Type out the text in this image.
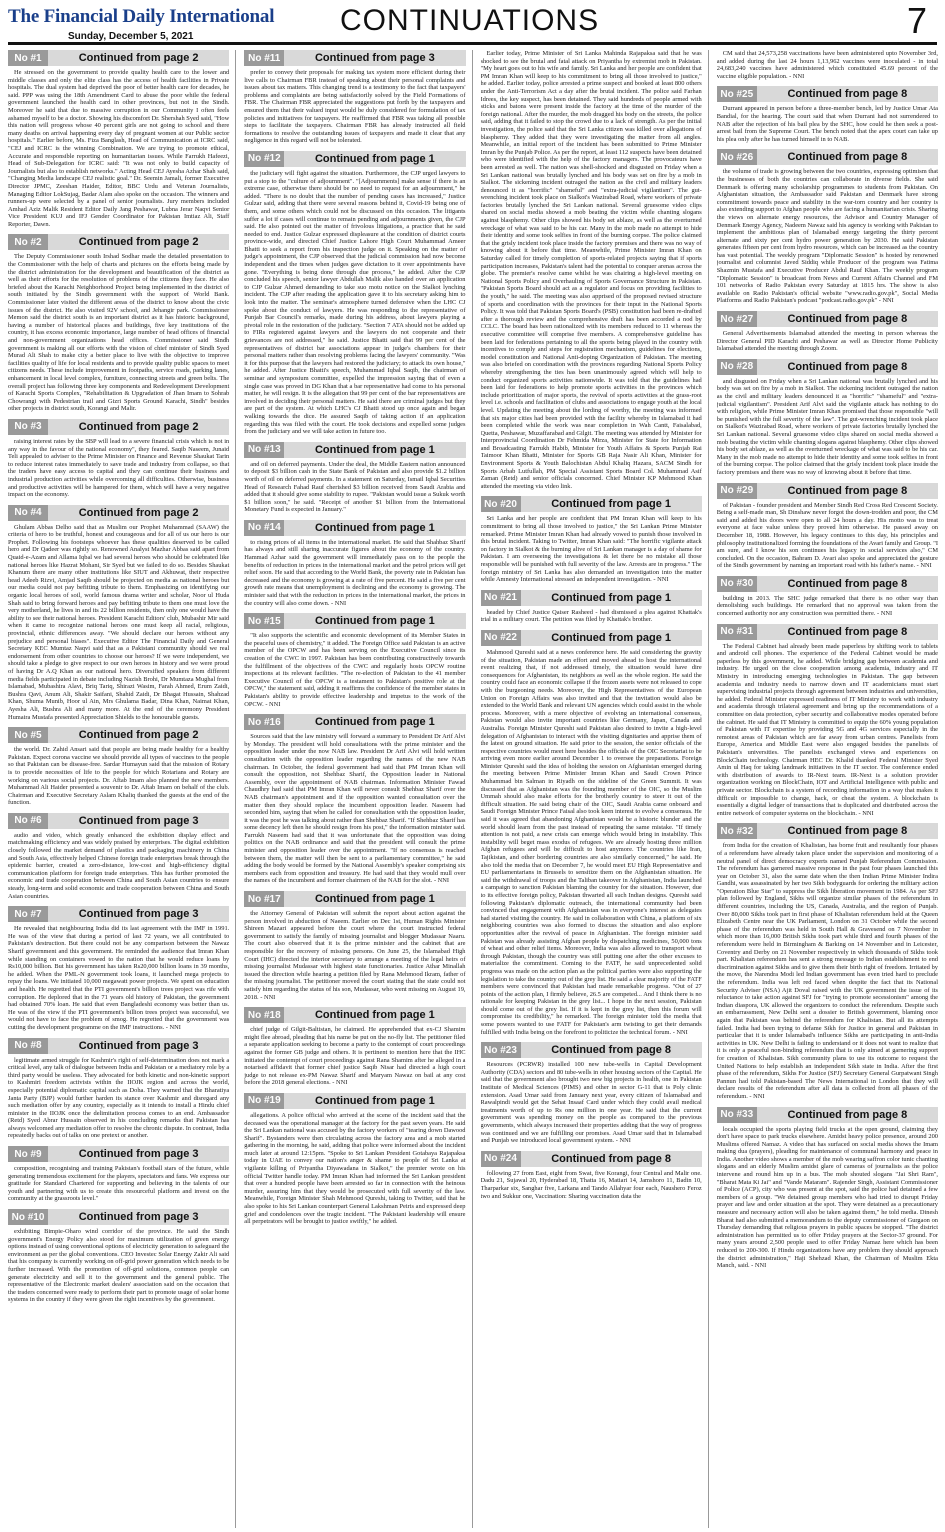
The Financial Daily International
Sunday, December 5, 2021	CONTINUATIONS	7
No #1	Continued from page 2

He stressed on the government to provide quality health care to the lower and middle classes and only the elite class has the access of health facilities in Private hospitals. The dual system had deprived the poor of better health care for decades, he said. PPP was using the 18th Amendment Card to abuse the poor while the federal government launched the health card in other provinces, but not in the Sindh. Moreover he said that due to massive corruption in our Community I often feels ashamed myself to be a doctor. Showing his discomfort Dr. Shershah Syed said, "How this nation will progress whose 40 percent girls are not going to school and there many deaths on arrival happening every day of pregnant women at our Public sector hospitals." Earlier before, Ms. Fiza Banglash, Head of Communication at ICRC said, "CEJ and ICRC is the winning Combination. We are trying to promote ethical, Accurate and responsible reporting on humanitarian issues. While Farrukh Hafeezi, Head of Sub-Delegation for ICRC said: "It was not only to build capacity of Journalists but also to establish networks." Acting Head CEJ Ayesha Azhar Shah said, "Changing Media landscape CEJ realistic goal." Dr. Seemin Jamali, former Executive Director JPMC, Zeeshan Haider, Editor, BBC Urdu and Veteran Journalists, Managing Editor LokSujag, Badar Alam also spoke on the occasion. The winners and runners-up were selected by a panel of senior journalists. Jury members included Amhad Aziz Malik Resident Editor Daily Jang Peshawar, Lubna Jerar Naqvi Senior Vice President KUJ and IFJ Gender Coordinator for Pakistan Imtiaz Ali, Staff Reporter, Dawn.

No #2	Continued from page 2

The Deputy Commissioner south Irshad Sodhar made the detailed presentation to the Commissioner with the help of charts and pictures on the efforts being made by the district administration for the development and beautification of the district as well as their efforts for the resolution of problems of the citizens they face. He also briefed about the Karachi Neighborhood Project being implemented in the district of south initiated by the Sindh government with the support of World Bank. Commissioner later visited the different areas of the district to know about the civic issues of the district. He also visited 92V school, and Jehangir park. Commissioner Memon said the district south is an important district as it has historic background, having a number of historical places and buildings, five key institutions of the country, it has excess economic importance, large number of head offices of financial and non-government organizations head offices. Commissioner said Sindh government is making all our efforts with the vision of chief minister of Sindh Syed Murad Ali Shah to make city a better place to live with the objective to improve facilities quality of life for local residents and to provide quality public spaces to meet citizens needs. These include improvement in footpaths, service roads, parking lanes, enhancement in local level complex, furniture, connecting streets and green belts. The overall project has following three key components and Redevelopment Development of Karachi Sports Complex, "Rehabilitation & Upgradation of Jhan Imam to Sohrab Chowrangi with Pedestrian trail and Gizri Sports Ground Karachi, Sindh" besides other projects in district south, Korangi and Malir.

No #3	Continued from page 2

raising interest rates by the SBP will lead to a severe financial crisis which is not in any way in the favour of the national economy", they feared. Saqib Naseem, Junaid Teli appealed to adviser to the Prime Minister on Finance and Revenue Shaukat Tarin to reduce interest rates immediately to save trade and industry from collapse, so that the traders have easy access to capital and they can continue their business and industrial production activities while overcoming all difficulties. Otherwise, business and productive activities will be hampered for them, which will have a very negative impact on the economy.

No #4	Continued from page 2

Ghulam Abbas Delho said that as Muslim our Prophet Muhammad (SAAW) the criteria of hero to be truthful, honest and courageous and for all of us our hero is our Prophet. Following his footsteps whoever has these qualities deserved to be called hero and Dr Qadeer was rightly so. Renowned Analyst Mazhar Abbas said apart from Quaid-e-Azam and Allama Iqbal we had several heroes who should be celebrated like national heroes like Hazrat Mohani, Sir Syed but we failed to do so. Besides Shaukat Khanum there are many other institutions like SIUT and Akhuwat, their respective head Adeeb Rizvi, Amjad Saqib should be projected on media as national heroes but our media could not pay befitting tribute to them. Emphasizing on identifying our organic local heroes of soil, world famous drama writer and scholar, Noor ul Huda Shah said to bring forward heroes and pay befitting tribute to them one must love the very motherland, he lives in and its 22 billion residents, then only one would have the ability to see their national heroes. President Karachi Editors' club, Mubashir Mir said when it came to recognize national heroes one must keep all racial, religious, provincial, ethnic differences away. "We should declare our heroes without any prejudice and personal biases". Executive Editor The Financial Daily and General Secretary KEC Mumtaz Naqvi said that as a Pakistani community should we real endorsement from other countries to choose our heroes? If we were independent, we should take a pledge to give respect to our own heroes in history and we were proud of having Dr A.Q Khan as our national hero. Diversified speakers from different media fields participated in debate including Nazish Brohi, Dr Mumtaza Mughal from Islamabad, Mubashira Alavi, Briq Tariq, Shirazi Wasim, Farah Ahmed, Erum Zaidi, Bushra Qavi, Anum Ali, Shakir Saifani, Shahid Zaidi, Dr Bhagat Hussain, Shahzad Khan, Shuma Munib, Hoor ul Ain, Mrs Ghulama Badar, Dina Khan, Naimat Khan, Ayesha Ali, Bushra Ali and many more. At the end of the ceremony President Humaira Mustafa presented Appreciation Shields to the honourable guests.

No #5	Continued from page 2

the world. Dr. Zahid Ansari said that people are being made healthy for a healthy Pakistan. Expect corona vaccine we should provide all types of vaccines to the people so that Pakistan can be disease-free. Sardar Humayun said that the mission of Rotary is to provide necessities of life to the people for which Rotarians and Rotary are working on various social projects. Dr. Aftab Imam also planned the new members. Muhammad Ali Haider presented a souvenir to Dr. Aftab Imam on behalf of the club. Chairman and Executive Secretary Aslam Khaliq thanked the guests at the end of the function.

No #6	Continued from page 3

audio and video, which greatly enhanced the exhibition display effect and matchmaking efficiency and was widely praised by enterprises. The digital exhibition closely followed the market demand of plastics and packaging machinery in China and South Asia, effectively helped Chinese foreign trade enterprises break through the epidemic barrier, created a zero-distance, low-cost and high-efficiency digital communication platform for foreign trade enterprises. This has further promoted the economic and trade cooperation between China and South Asian countries to ensure steady, long-term and solid economic and trade cooperation between China and South Asian countries.

No #7	Continued from page 3

He revealed that neighbouring India did its last agreement with the IMF in 1991. He was of the view that during a period of last 72 years, we all contributed to Pakistan's destruction. But there could not be any comparison between the Nawaz Sharif government and this government. He reminded the audience that Imran Khan while standing on containers vowed to the nation that he would reduce loans by Rs10,000 billion. But his government has taken Rs20,000 billion loans in 39 months, he added. When the PML-N government took loans, it launched mega projects to repay the loans. We initiated 10,000 megawatt power projects. We spent on education and health. He regretted that the PTI government's billion trees project was rife with corruption. He deplored that in the 71 years old history of Pakistan, the government had obtained 70% loan. He said that even Bangladeshi economy was better than us. He was of the view if the PTI government's billion trees project was successful, we would not have to face the problem of smog. He regretted that the government was cutting the development programme on the IMF instructions. - NNI

No #8	Continued from page 3

legitimate armed struggle for Kashmir's right of self-determination does not mark a critical level, any talk of dialogue between India and Pakistan or a mediatory role by a third party would be useless. They advocated for both kinetic and non-kinetic support to Kashmiri freedom activists within the IIOJK region and across the world, especially potential diplomatic capital such as Doha. They warned that the Bharatiya Janta Party (BJP) would further harden its stance over Kashmir and disregard any such mediation offer by any country, especially as it intends to install a Hindu chief minister in the IIOJK once the delimitation process comes to an end. Ambassador (Retd) Syed Abrar Hussain observed in his concluding remarks that Pakistan has always welcomed any mediation offer to resolve the chronic dispute. In contrast, India repeatedly backs out of talks on one pretext or another.

No #9	Continued from page 3

composition, recognising and training Pakistan's football stars of the future, while generating tremendous excitement for the players, spectators and fans. We express our gratitude for Standard Chartered for supporting and believing in the talents of our youth and partnering with us to create this resourceful platform and invest on the community at the grassroots level."

No #10	Continued from page 3

exhibiting Bimpie-Oharo wind corridor of the province. He said the Sindh government's Energy Policy also stood for maximum utilization of green energy options instead of using conventional options of electricity generation to safeguard the environment as per the global conventions. CEO Investec Solar Energy Zakir Ali said that his company is currently working on off-grid power generation which needs to be further increased. With the promotion of off-grid solutions, common people can generate electricity and sell it to the government and the general public. The representative of the Electronic market dealers' association said on the occasion that the traders concerned were ready to perform their part to promote usage of solar home systems in the country if they were given the right incentives by the government.

No #11	Continued from page 3

prefer to convey their proposals for making tax system more efficient during their live calls to Chairman FBR instead of speaking about their personal complaints and issues about tax matters. This changing trend is a testimony to the fact that taxpayers' problems and complaints are being satisfactorily solved by the Field Formations of FBR. The Chairman FBR appreciated the suggestions put forth by the taxpayers and ensured them that their valued input would be duly considered for formulation of tax policies and initiatives for taxpayers. He reaffirmed that FBR was taking all possible steps to facilitate the taxpayers. Chairman FBR has already instructed all field formations to resolve the outstanding issues of taxpayers and made it clear that any negligence in this regard will not be tolerated.

No #12	Continued from page 1

the judiciary will fight against the situation. Furthermore, the CJP urged lawyers to put a stop to the "culture of adjournment". "[Adjournments] make sense if there is an extreme case, otherwise there should be no need to request for an adjournment," he added. "There is no doubt that the number of pending cases has increased," Justice Gulzar said, adding that there were several reasons behind it, Covid-19 being one of them, and some others which could not be discussed on this occasion. The litigants suffer a lot if cases will continue to remain pending and adjournments given, the CJP said. He also pointed out the matter of frivolous litigations, a practice that he said needed to end. Justice Gulzar expressed displeasure at the condition of district courts province-wide, and directed Chief Justice Lahore High Court Muhammad Ameer Bhatti to seek a report from his inspection judge on it. Speaking on the matter of judge's appointment, the CJP observed that the judicial commission had now become independent and the times when judges gave dictation to it over appointments have gone. "Everything is being done through due process," he added. After the CJP concluded his speech, senior lawyer Abdullah Malik also handed over an application to CJP Gulzar Ahmed demanding to take suo motu notice on the Sialkot lynching incident. The CJP after reading the application gave it to his secretary asking him to look into the matter. The seminar's atmosphere turned defensive when the LHC CJ spoke about the conduct of lawyers. He was responding to the representative of Punjab Bar Council's remarks, made during his address, about lawyers playing a pivotal role in the restoration of the judiciary. "Section 7 ATA should not be added up to FIRs registered against lawyers and the lawyers do not cooperate and their grievances are not addressed," he said. Justice Bhatti said that 99 per cent of the representatives of district bar associations appear in judge's chambers for their personal matters rather than resolving problems facing the lawyers' community. "Was it for this purpose that the lawyers had restored the judiciary; to attack its own house," he added. After Justice Bhatti's speech, Muhammad Iqbal Saqib, the chairman of seminar and symposium committee, expelled the impression saying that of even a single case was proved in DG Khan that a bar representative had come to his personal matter, he will resign. It is the allegation that 99 per cent of the bar representatives are involved in deciding their personal matters. He said there are criminal judges but they are part of the system. At which LHC's CJ Bhatti stood up once again and began walking towards the dice. He assured Saqib of taking action if an application regarding this was filed with the court. He took decisions and expelled some judges from the judiciary and we will take action in future too.

No #13	Continued from page 1

and oil on deferred payments. Under the deal, the Middle Eastern nation announced to deposit $3 billion cash in the State Bank of Pakistan and also provide $1.2 billion worth of oil on deferred payments. In a statement on Saturday, Ismail Iqbal Securities Head of Research Fahad Rauf cherished $3 billion received from Saudi Arabia and added that it should give some stability to rupee. "Pakistan would issue a Sukuk worth $1 billion soon," he said. "Receipt of another $1 billion from the International Monetary Fund is expected in January."

No #14	Continued from page 1

to rising prices of all items in the international market. He said that Shahbaz Sharif has always and still sharing inaccurate figures about the economy of the country. Hammad Azhar said the government will immediately pass on to the people the benefits of reduction in prices in the international market and the petrol prices will get relief soon. He said that according to the World Bank, the poverty rate in Pakistan has decreased and the economy is growing at a rate of five percent. He said a five per cent growth rate means that unemployment is declining and the economy is growing. The minister said that with the reduction in prices in the international market, the prices in the country will also come down. - NNI

No #15	Continued from page 1

"It also supports the scientific and economic development of its Member States in the peaceful uses of chemistry," it added. The Foreign Office said Pakistan is an active member of the OPCW and has been serving on the Executive Council since its creation of the CWC in 1997. Pakistan has been contributing constructively towards the fulfillment of the objectives of the CWC and regularly hosts OPCW routine inspections at its relevant facilities. "The re-election of Pakistan to the 41 member Executive Council of the OPCW is a testament to Pakistan's positive role at the OPCW," the statement said, adding it reaffirms the confidence of the member states in Pakistan's ability to provide effective leadership and impetus to the work of the OPCW. - NNI

No #16	Continued from page 1

Sources said that the law ministry will forward a summary to President Dr Arif Alvi by Monday. The president will hold consultations with the prime minister and the opposition leader under the now NAB law. President Dr Arif Alvi will hold written consultation with the opposition leader regarding the names of the new NAB chairman. In October, the federal government had said that PM Imran Khan will consult the opposition, not Shehbaz Sharif, the Opposition leader in National Assembly, over the appointment of NAB chairman. Information Minister Fawad Chaudhry had said that PM Imran Khan will never consult Shehbaz Sharif over the NAB chairman's appointment and if the opposition wanted consultation over the matter then they should replace the incumbent opposition leader. Naseem had seconded him, saying that when he called for consultation with the opposition leader, it was the post he was talking about rather than Shehbaz Sharif. "If Shehbaz Sharif has some decency left then he should resign from his post," the information minister said. Farrukh Naseem had said that it was unfortunate that the opposition was doing politics on the NAB ordinance and said that the president will consult the prime minister and opposition leader over the appointment. "If no consensus is reached between them, the matter will then be sent to a parliamentary committee," he said adding the body would be formed by the National Assembly's speaker comprising six members each from opposition and treasury. He had said that they would mull over the names of the incumbent and former chairmen of the NAB for the slot. - NNI

No #17	Continued from page 1

the Attorney General of Pakistan will submit the report about action against the person involved in abduction of Naeem. Earlier on Dec 1st, Human Rights Minister Shireen Mazari appeared before the court where the court instructed federal government to satisfy the family of missing journalist and blogger Mudassar Naaru. The court also observed that it is the prime minister and the cabinet that are responsible for the recovery of missing persons. On June 25, the Islamabad High Court (IHC) directed the interior secretary to arrange a meeting of the legal heirs of missing journalist Mudassar with highest state functionaries. Justice Athar Minallah issued the direction while hearing a petition filed by Rana Mehmood Ikram, father of the missing journalist. The petitioner moved the court stating that the state could not satisfy him regarding the status of his son, Mudassar, who went missing on August 19, 2018. - NNI

No #18	Continued from page 1

chief judge of Gilgit-Baltistan, he claimed. He apprehended that ex-CJ Shamim might flee abroad, pleading that his name be put on the no-fly list. The petitioner filed a separate application seeking to become a party to the contempt of court proceedings against the former GB judge and others. It is pertinent to mention here that the IHC initiated the contempt of court proceedings against Rana Shamim after he alleged in a notarised affidavit that former chief justice Saqib Nisar had directed a high court judge to not release ex-PM Nawaz Sharif and Maryam Nawaz on bail at any cost before the 2018 general elections. - NNI

No #19	Continued from page 1

allegations. A police official who arrived at the scene of the incident said that the deceased was the operational manager at the factory for the past seven years. He said the Sri Lankan national was accused by the factory workers of "tearing down Dawood Sharif". Bystanders were then circulating across the factory area and a mob started gathering in the morning, he said, adding that police were informed about the incident much later at around 12:15pm. "Spoke to Sri Lankan President Gotabaya Rajapaksa today in UAE to convey our nation's anger & shame to people of Sri Lanka at vigilante killing of Priyantha Diyawadana in Sialkot," the premier wrote on his official Twitter handle today. PM Imran Khan had informed the Sri Lankan president that over a hundred people have been arrested so far in connection with the heinous murder, assuring him that they would be prosecuted with full severity of the law. Meanwhile, Foreign Minister Shah Mehmood Qureshi, taking to Twitter, said that he also spoke to his Sri Lankan counterpart General Lakshman Peiris and expressed deep grief and condolences over the tragic incident. "The Pakistani leadership will ensure all perpetrators will be brought to justice swiftly," he added.

Earlier today, Prime Minister of Sri Lanka Mahinda Rajapaksa said that he was shocked to see the brutal and fatal attack on Priyantha by extremist mob in Pakistan. "My heart goes out to his wife and family. Sri Lanka and her people are confident that PM Imran Khan will keep to his commitment to bring all those involved to justice," he added. Earlier today, police arrested a prime suspect and booked at least 800 others under the Anti-Terrorism Act a day after the brutal incident. The police said Farhan Idrees, the key suspect, has been detained. They said hundreds of people armed with sticks and batons were present inside the factory at the time of the murder of the foreign national. After the murder, the mob dragged his body on the streets, the police said, adding that it failed to stop the crowd due to a lack of strength. As per the initial investigation, the police said that the Sri Lanka citizen was killed over allegations of blasphemy. They added that they were investigating the matter from all angles. Meanwhile, an initial report of the incident has been submitted to Prime Minister Imran by the Punjab Police. As per the report, at least 112 suspects have been detained who were identified with the help of the factory managers. The provocateurs have been arrested as well. The nation was shell-shocked and disgusted on Friday when a Sri Lankan national was brutally lynched and his body was set on fire by a mob in Sialkot. The sickening incident outraged the nation as the civil and military leaders denounced it as "horrific" "shameful" and "extra-judicial vigilantism". The gut-wrenching incident took place on Sialkot's Wazirabad Road, where workers of private factories brutally lynched the Sri Lankan national. Several gruesome video clips shared on social media showed a mob beating the victim while chanting slogans against blasphemy. Other clips showed his body set ablaze, as well as the overturned wreckage of what was said to be his car. Many in the mob made no attempt to hide their identity and some took selfies in front of the burning corpse. The police claimed that the grisly incident took place inside the factory premises and there was no way of knowing about it before that time. Meanwhile, Prime Minister Imran Khan on Saturday called for timely completion of sports-related projects saying that if sports participation increases, Pakistan's talent had the potential to conquer arenas across the globe. The premier's resolve came whilst he was chairing a high-level meeting on National Sports Policy and Overhauling of Sports Governance Structure in Pakistan. "Pakistan Sports Board should act as a regulator and focus on providing facilities to the youth," he said. The meeting was also apprised of the proposed revised structure of sports and coordination with the provinces for their input in the National Sports Policy. It was told that Pakistan Sports Board's (PSB) constitution had been re-drafted after a thorough review and the comprehensive draft has been accorded a nod by CCLC. The board has been rationalized with its members reduced to 11 whereas the executive committee will comprise five members. A comprehensive guideline has been laid for federations pertaining to all the sports being played in the country with incentives to comply and steps for registration mechanism, guidelines for elections, model constitution and National Anti-doping Organization of Pakistan. The meeting was also briefed on coordination with the provinces regarding National Sports Policy whereby strengthening the ties has been unanimously agreed which will help to conduct organized sports activities nationwide. It was told that the guidelines had been laid for federations to help promote sports activities in the provinces which include prioritization of major sports, the revival of sports activities at the grass-root level i.e. schools and facilitation of clubs and associations to engage youth at the local level. Updating the meeting about the lording of worthy, the meeting was informed that six major cities had been provided with the facility whereby in Islamabad it had been completed while the work was near completion in Wah Cantt, Faisalabad, Quetta, Peshawar, Muzaffarabad and Gilgit. The meeting was attended by Minister for Interprovincial Coordination Dr Fehmida Mirza, Minister for State for Information and Broadcasting Farrukh Habib, Minister for Youth Affairs & Sports Punjab Rai Taimoor Khan Bhatti, Minister for Sports GB Raja Nasir Ali Khan, Minister for Environment Sports & Youth Balochistan Abdul Khaliq Hazara, SACM Sindh for Sports Arbab Lutfullah, PM Special Assistant Sports Board Col. Muhammad Asif Zaman (Retd) and senior officials concerned. Chief Minister KP Mehmood Khan attended the meeting via video link.

No #20	Continued from page 1

Sri Lanka and her people are confident that PM Imran Khan will keep to his commitment to bring all those involved to justice," the Sri Lankan Prime Minister remarked. Prime Minister Imran Khan had already vowed to punish those involved in this brutal incident. Taking to Twitter, Imran Khan said: "The horrific vigilante attack on factory in Sialkot & the burning alive of Sri Lankan manager is a day of shame for Pakistan. I am overseeing the investigations & let there be no mistake all those responsible will be punished with full severity of the law. Arrests are in progress." The foreign ministry of Sri Lanka has also demanded an investigation into the matter while Amnesty International stressed an independent investigation. - NNI

No #21	Continued from page 1

headed by Chief Justice Qaiser Rasheed - had dismissed a plea against Khattak's trial in a military court. The petition was filed by Khattak's brother.

No #22	Continued from page 1

Mahmood Qureshi said at a news conference here. He said considering the gravity of the situation, Pakistan made an effort and moved ahead to host the international event realizing that, if not addressed timely, the situation would have dire consequences for Afghanistan, its neighbors as well as the whole region. He said the country could face an economic collapse if the frozen assets were not released to cope with the burgeoning needs. Moreover, the High Representatives of the European Union on Foreign Affairs was also invited and that the invitation would also be extended to the World Bank and relevant UN agencies which could assist in the whole process. Moreover, with a mere objective of evolving an international consensus, Pakistan would also invite important countries like Germany, Japan, Canada and Australia. Foreign Minister Qureshi said Pakistan also desired to invite a high-level delegation of Afghanistan to interact with the visiting dignitaries and apprise them of the latest on ground situation. He said prior to the session, the senior officials of the respective countries would meet here besides the officials of the OIC Secretariat to be arriving even more earlier around December 1 to oversee the preparations. Foreign Minister Qureshi said the idea of holding the session on Afghanistan emerged during the meeting between Prime Minister Imran Khan and Saudi Crown Prince Muhammad bin Salman in Riyadh on the sideline of the Green Summit. It was discussed that as Afghanistan was the founding member of the OIC, so the Muslim Ummah should also make efforts for the brotherly country to steer it out of the difficult situation. He said being chair of the OIC, Saudi Arabia came onboard and Saudi Foreign Minister Prince Faisal also took keen interest to evolve a consensus. He said it was agreed that abandoning Afghanistan would be a historic blunder and the world should learn from the past instead of repeating the same mistake. "If timely attention is not paid, a new crisis can emerge which would bring in instability. This instability will beget mass exodus of refugees. We are already hosting three million Afghan refugees and will be difficult to host anymore. The countries like Iran, Tajikistan, and other bordering countries are also similarly concerned," he said. He also told the media that on December 7, he would meet EU High Representative and EU parliamentarians in Brussels to sensitize them on the Afghanistan situation. He said the withdrawal of troops and the Taliban takeover in Afghanistan, India launched a campaign to sanction Pakistan blaming the country for the situation. However, due to its effective foreign policy, Pakistan thwarted all such Indian designs. Qureshi said following Pakistan's diplomatic outreach, the international community had been convinced that engagement with Afghanistan was in everyone's interest as delegates had started visiting the country. He said in collaboration with China, a platform of six neighboring countries was also formed to discuss the situation and also explore opportunities after the revival of peace in Afghanistan. The foreign minister said Pakistan was already assisting Afghan people by dispatching medicines, 50,000 tons of wheat and other relief items. Moreover, India was also allowed to transport wheat through Pakistan, though the country was still putting one after the other excuses to materialize the commitment. Coming to the FATF, he said unprecedented solid progress was made on the action plan as the political parties were also supporting the legislation to take the country out of the grey list. He said a clear majority of the FATF members were convinced that Pakistan had made remarkable progress. "Out of 27 points of the action plan, I firmly believe, 26.5 are competed... And I think there is no rationale for keeping Pakistan in the grey list... I hope in the next session, Pakistan should come out of the grey list. If it is kept in the grey list, then this forum will compromise its credibility," he remarked. The foreign minister told the media that some powers wanted to use FATF for Pakistan's arm twisting to get their demands fulfilled with India being on the forefront to politicize the technical forum. - NNI

No #23	Continued from page 8

Resources (PCRWR) installed 100 new tube-wells in Capital Development Authority (CDA) sectors and 80 tube-wells in other housing sectors of the Capital. He said that the government also brought two new big projects in health, one in Pakistan Institute of Medical Sciences (PIMS) and other in sector G-11 that is Poly clinic extension. Asad Umar said from January next year, every citizen of Islamabad and Rawalpindi would get the Sehat Insaaf Card under which they could avail medical treatments worth of up to Rs one million in one year. He said that the current government was spending money on the people as compared to the previous governments, which always increased their properties adding that the way of progress was continued and we are fulfilling our promises. Asad Umar said that in Islamabad and Punjab we introduced local government system. - NNI

No #24	Continued from page 8

following 27 from East, eight from Swat, five Korangi, four Central and Malir one. Dadu 21, Sujawal 20, Hyderabad 18, Thatta 16, Matiari 14, Jamshoro 11, Badin 10, Tharparkar six, Sanghar five, Larkana and Tando Allahyar four each, Naushero Feroz two and Sukkur one, Vaccination: Sharing vaccination data the

CM said that 24,573,258 vaccinations have been administered upto November 3rd, and added during the last 24 hours 1,13,962 vaccines were inoculated - in total 24,683,240 vaccines have administered which constituted 45.69 percent of the vaccine eligible population. - NNI

No #25	Continued from page 8

Durrani appeared in person before a three-member bench, led by Justice Umar Ata Bandial, for the hearing. The court said that when Durrani had not surrendered to NAB after the rejection of his bail plea by the SHC, how could he then seek a post-arrest bail from the Supreme Court. The bench noted that the apex court can take up his plea only after he has turned himself in to NAB.

No #26	Continued from page 8

the volume of trade is growing between the two countries, expressing optimism that the businesses of both the countries can collaborate in diverse fields. She said Denmark is offering many scholarship programmes to students from Pakistan. On Afghanistan situation, the Ambassador said Pakistan and Denmark have strong commitment towards peace and stability in the war-torn country and her country is also extending support to Afghan people who are facing a humanitarian crisis. Sharing the views on alternate energy resources, the Advisor and Country Manager of Denmark Energy Agency, Nadeem Nawaz said his agency is working with Pakistan to implement the ambitious plan of Islamabad energy targeting the thirty percent alternate and sixty per cent hydro power generation by 2030. He said Pakistan generates fifteen per cent from hydro resources, which can be increased as the country has vast potential. The weekly program "Diplomatic Session" is hosted by renowned journalist and columnist Javed Siddiq while Producer of the program was Fatima Shazmin Mustafa and Executive Producer Abdul Rauf Khan. The weekly program "Diplomatic Session" is broadcast from News and Current Affairs Channel and FM 101 networks of Radio Pakistan every Saturday at 1815 hrs. The show is also available on Radio Pakistan's official website "www.radio.gov.pk", Social Media Platforms and Radio Pakistan's podcast "podcast.radio.gov.pk" - NNI

No #27	Continued from page 8

General Advertisements Islamabad attended the meeting in person whereas the Director General PID Karachi and Peshawar as well as Director Home Publicity Islamabad attended the meeting through Zoom.

No #28	Continued from page 8

and disgusted on Friday when a Sri Lankan national was brutally lynched and his body was set on fire by a mob in Sialkot. The sickening incident outraged the nation as the civil and military leaders denounced it as "horrific" "shameful" and "extra-judicial vigilantism". President Arif Alvi said the vigilante attack has nothing to do with religion, while Prime Minister Imran Khan promised that those responsible "will be punished with the full severity of the law". The gut-wrenching incident took place on Sialkot's Wazirabad Road, where workers of private factories brutally lynched the Sri Lankan national. Several gruesome video clips shared on social media showed a mob beating the victim while chanting slogans against blasphemy. Other clips showed his body set ablaze, as well as the overturned wreckage of what was said to be his car. Many in the mob made no attempt to hide their identity and some took selfies in front of the burning corpse. The police claimed that the grisly incident took place inside the factory premises and there was no way of knowing about it before that time.

No #29	Continued from page 8

of Pakistan - founder president and Member Sindh Red Cross Red Crescent Society. Being a self-made man, Sh Dinshaw never forgot the down-trodden and poor, the CM said and added his doors were open to all 24 hours a day. His motto was to treat everyone at face value unless they proved him otherwise. He passed away on December 18, 1988. However, his legacy continues to this day, his principles and philosophy institutionalized forming the foundations of the Avari family and Group. "I am sure, and I know his son continues his legacy in social services also," CM concluded. On the occasion, Bahram D. Avari also spoke and appreciated the gesture of the Sindh government by naming an important road with his father's name. - NNI

No #30	Continued from page 8

building in 2013. The SHC judge remarked that there is no other way than demolishing such buildings. He remarked that no approval was taken from the concerned authority nor any construction was permitted there. - NNI

No #31	Continued from page 8

The Federal Cabinet had already been made paperless by shifting work to tablets and android cell phones. The experience of the Federal Cabinet would be made paperless by this government, he added. While bridging gap between academia and industry. He urged on the close cooperation among academia, industry and IT Ministry in introducing emerging technologies in Pakistan. The gap between academia and industry needs to narrow down and IT academicians must start supervising industrial projects through agreement between industries and universities, he added. Federal Minister expressed readiness of IT Ministry to work with industry and academia through trilateral agreement and bring up the recommendations of a committee on data protection, cyber security and collaborative modes operated before the cabinet. He said that IT Ministry is committed to equip the 60% young population of Pakistan with IT expertise by providing 5G and 4G services especially in the remotest areas of Pakistan which are far away from urban centres. Panelists from Europe, America and Middle East were also engaged besides the panelists of Pakistan's universities. The panelists exchanged views and experiences on BlockChain technology. Chairman HEC Dr. Khalid thanked Federal Minister Syed Amin ul Haq for taking landmark initiatives in the IT sector. The conference ended with distribution of awards to IR-Next team. IR-Next is a solution provider organization working on BlockChain, IOT and Artificial Intelligence with public and private sector. Blockchain is a system of recording information in a way that makes it difficult or impossible to change, hack, or cheat the system. A blockchain is essentially a digital ledger of transactions that is duplicated and distributed across the entire network of computer systems on the blockchain. - NNI

No #32	Continued from page 8

from India for the creation of Khalistan, has borne fruit and resultantly four phases of a referendum have already taken place under the supervision and monitoring of a neutral panel of direct democracy experts named Punjab Referendum Commission. The referendum has garnered massive response in the past four phases launched this year on October 31, also the same date when the then Indian Prime Minister Indira Gandhi, was assassinated by her two Sikh bodyguards for ordering the military action "Operation Blue Star" to suppress the Sikh liberation movement in 1984. As per SFJ plan followed by England, Sikhs will organize similar phases of the referendum in different countries, including the US, Canada, Australia, and the region of Punjab. Over 80,000 Sikhs took part in first phase of Khalistan referendum held at the Queen Elizabeth Centre near the UK Parliament, London on 31 October while the second phase of the referendum was held in South Hall & Gravesend on 7 November in which more than 16,000 British Sikhs took part while third and fourth phases of the referendum were held in Birmingham & Barking on 14 November and in Leicester, Coventry and Derby on 21 November respectively in which thousands of Sikhs took part. Khalistan referendum has sent a strong message to Indian establishment to end discrimination against Sikhs and to give them their birth right of freedom. Irritated by the move, the Narendra Modi led Indian government has even tried hard to preclude the referendum. India was left red faced when despite the fact that its National Security Adviser (NSA) Ajit Doval raised with the UK government the issue of its reluctance to take action against SFJ for "trying to promote secessionism" among the Indian diaspora, UK allowed the organizers to conduct the referendum. Despite such an embarrassment, New Delhi sent a dossier to British government, blaming once again that Pakistan was behind the referendum for Khalistan. But all its attempts failed. India had been trying to defame Sikh for Justice in general and Pakistan in particular that it is under Islamabad's influence Sikhs are participating in anti-India activities in UK. New Delhi is failing to understand or it does not want to realize that it is only a peaceful non-binding referendum that is only aimed at garnering support for creation of Khalistan. Sikh community plans to use its outcome to request the United Nations to help establish an independent Sikh state in India. After the first phase of the referendum, Sikhs For Justice (SFJ) Secretary General Gurpatwant Singh Pannun had told Pakistan-based The News International in London that they will declare results of the referendum after all data is collected from all phases of the referendum. - NNI

No #33	Continued from page 8

locals occupied the sports playing field trucks at the open ground, claiming they don't have space to park trucks elsewhere. Amidst heavy police presence, around 200 Muslims offered Namaz. A video that has surfaced on social media shows the Imam making dua (prayers), pleading for maintenance of communal harmony and peace in India. Another video shows a member of the mob wearing saffron color tunic chanting slogans and an elderly Muslim amidst glare of cameras of journalists as the police intervene and round him up in a bus. The mob shouted slogans "Jai Shri Ram", "Bharat Mata Ki Jai" and "Vande Mataram". Rajender Singh, Assistant Commissioner of Police (ACP), city who was present at the spot, said the police had detained a few members of a group. "We detained group members who had tried to disrupt Friday prayer and law and order situation at the spot. They were detained as a precautionary measure and necessary action will also be taken against them," he told media. Dinesh Bharat had also submitted a memorandum to the deputy commissioner of Gurgaon on Thursday demanding that religious prayers in public spaces be stopped. "The district administration has permitted us to offer Friday prayers at the Sector-37 ground. For many years around 2,500 people used to offer Friday Namaz here which has been reduced to 200-300. If Hindu organizations have any problem they should approach the district administration," Haji Shehzad Khan, the Chairman of Muslim Ekta Manch, said. - NNI
